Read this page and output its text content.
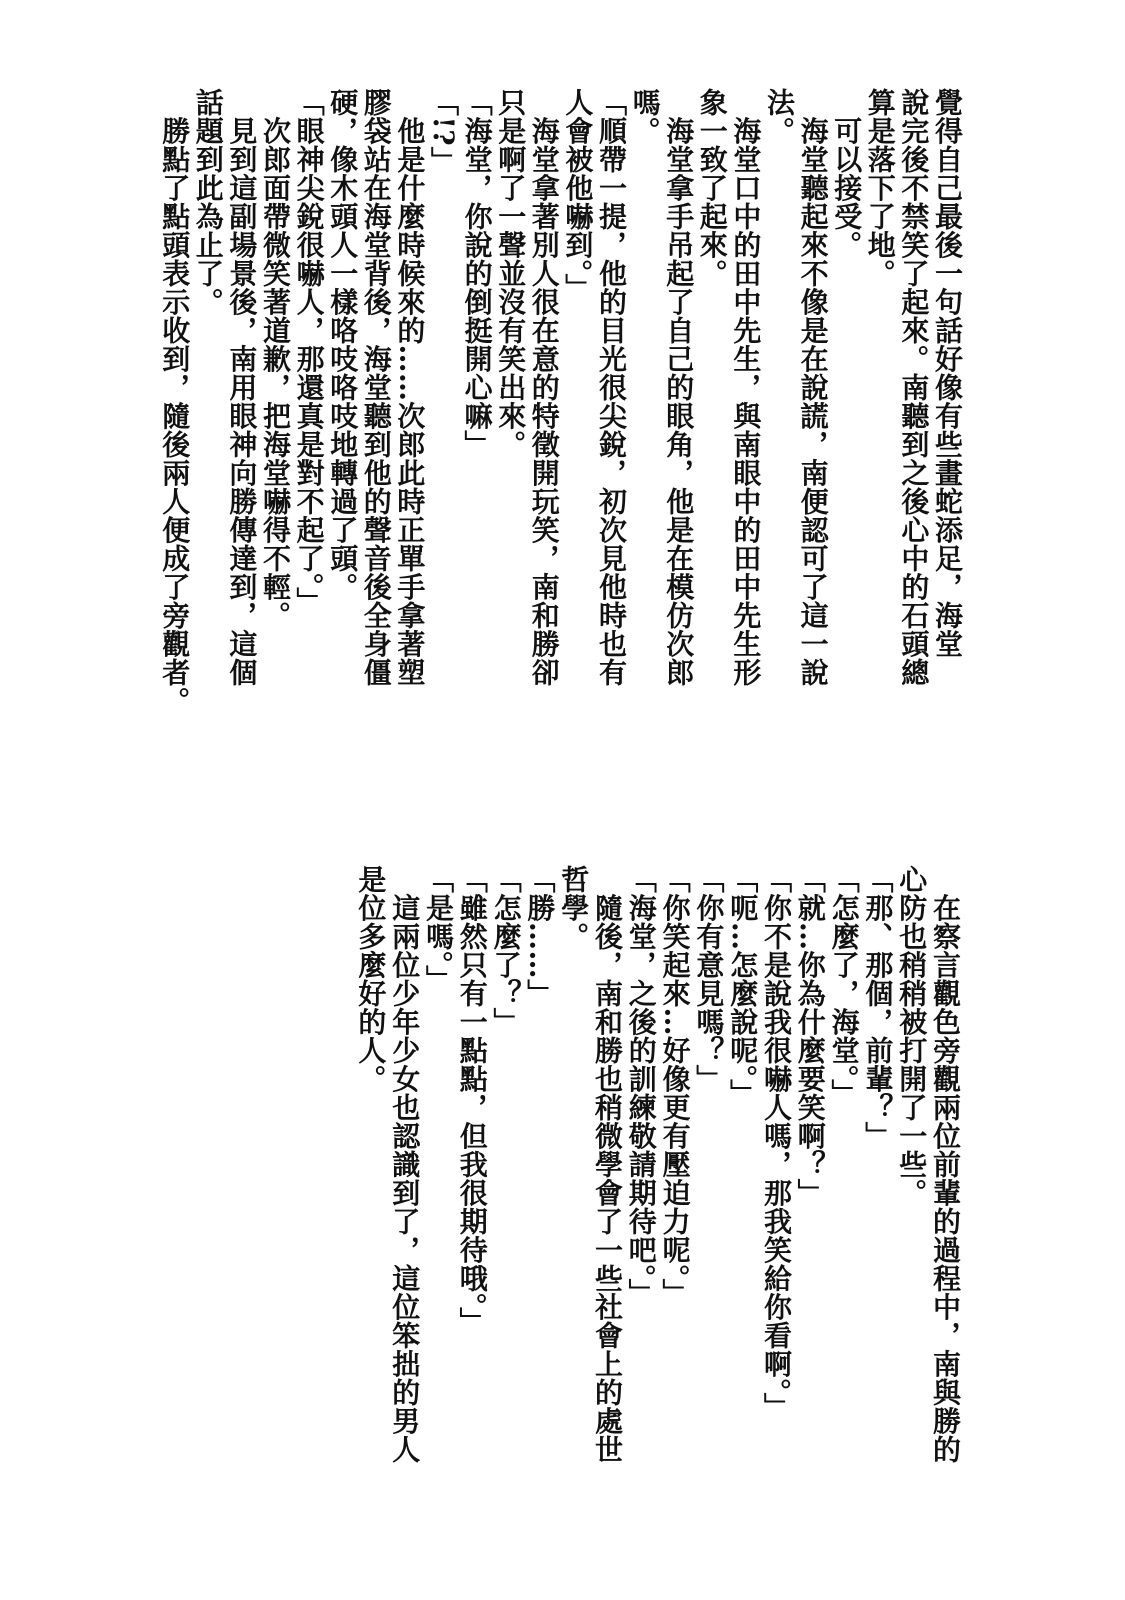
覺得自己最後一句話好像有些畫蛇添足，海堂
說完後不禁笑了起來。南聽到之後心中的石頭總
算是落下了地。
　可以接受。
　海堂聽起來不像是在說謊，南便認可了這一說
法。
　海堂口中的田中先生，與南眼中的田中先生形
象一致了起來。
　海堂拿手吊起了自己的眼角，他是在模仿次郎
嗎。
「順帶一提，他的目光很尖銳，初次見他時也有
人會被他嚇到。」
　海堂拿著別人很在意的特徵開玩笑，南和勝卻
只是啊了一聲並沒有笑出來。
「海堂，你說的倒挺開心嘛」
「!?」
　他是什麼時候來的……次郎此時正單手拿著塑
膠袋站在海堂背後，海堂聽到他的聲音後全身僵
硬，像木頭人一樣咯吱咯吱地轉過了頭。
「眼神尖銳很嚇人，那還真是對不起了。」
　次郎面帶微笑著道歉，把海堂嚇得不輕。
　見到這副場景後，南用眼神向勝傳達到，這個
話題到此為止了。
　勝點了點頭表示收到，隨後兩人便成了旁觀者。
　在察言觀色旁觀兩位前輩的過程中，南與勝的
心防也稍稍被打開了一些。
「那、那個，前輩？」
「怎麼了，海堂。」
「就…你為什麼要笑啊？」
「你不是說我很嚇人嗎，那我笑給你看啊。」
「呃…怎麼說呢。」
「你有意見嗎？」
「你笑起來…好像更有壓迫力呢。」
「海堂，之後的訓練敬請期待吧。」
　隨後，南和勝也稍微學會了一些社會上的處世
哲學。
「勝……」
「怎麼了？」
「雖然只有一點點，但我很期待哦。」
「是嗎。」
　這兩位少年少女也認識到了，這位笨拙的男人
是位多麼好的人。
